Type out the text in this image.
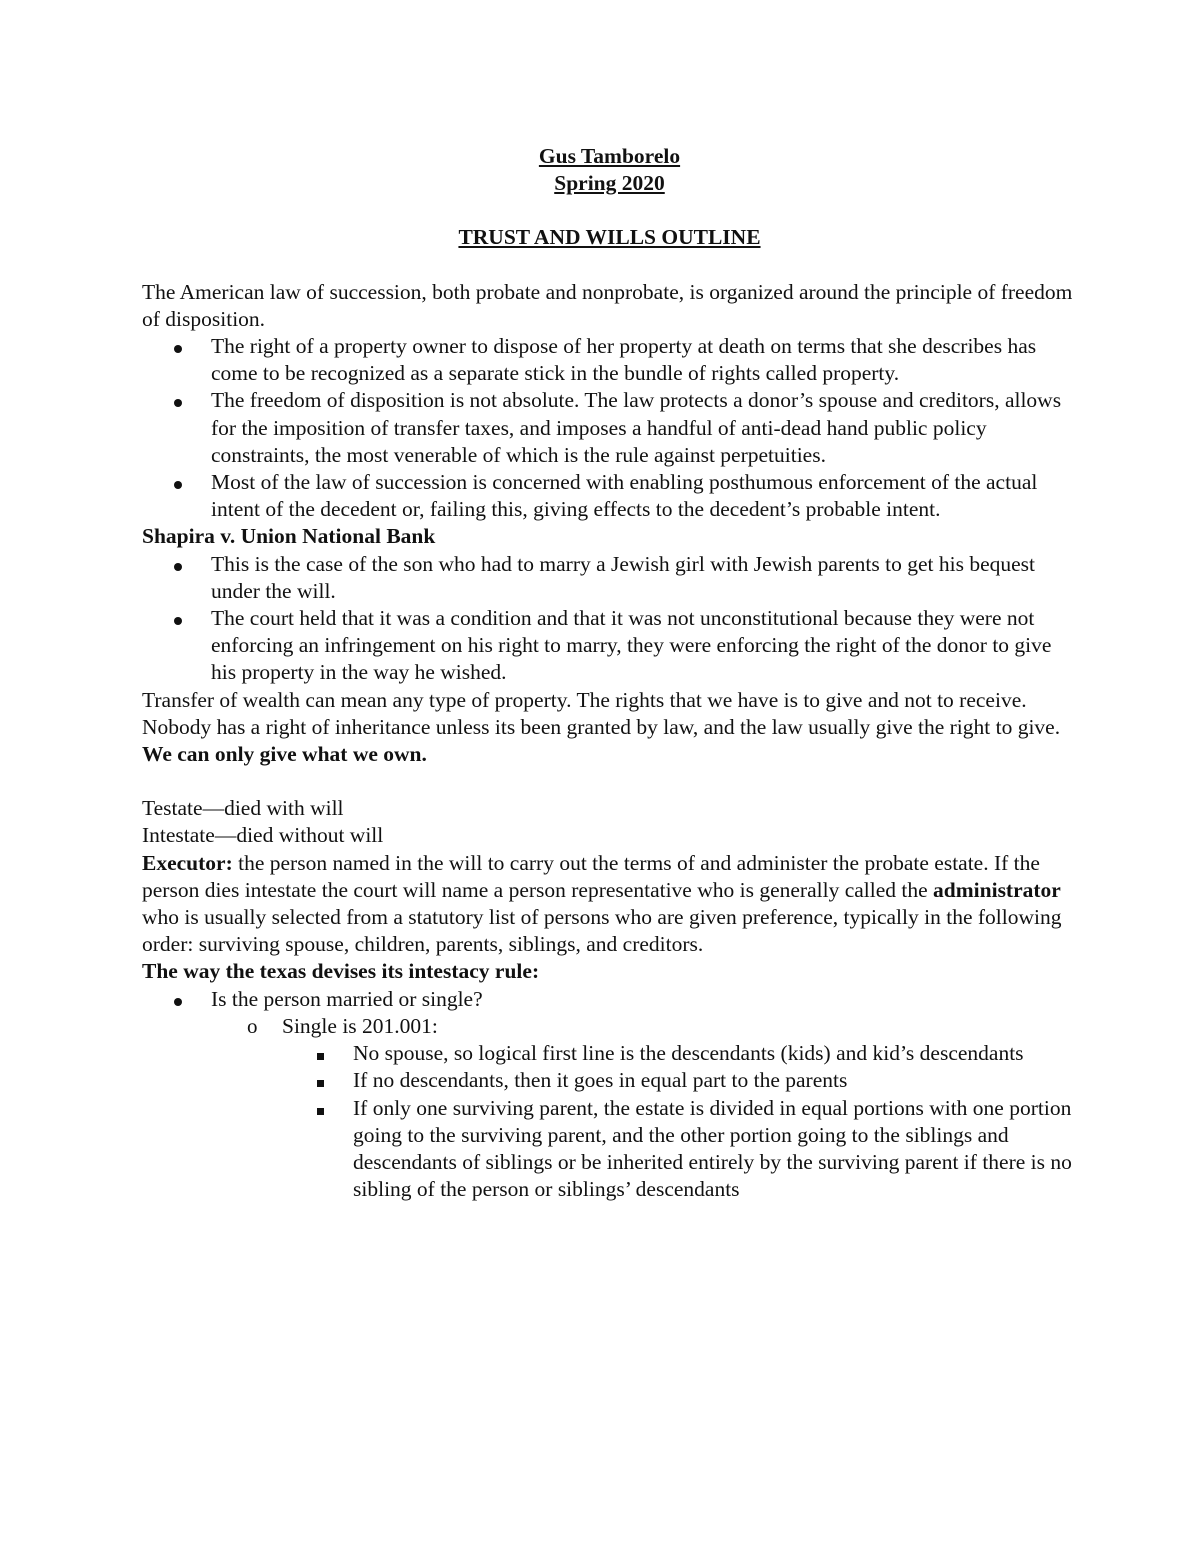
Gus Tamborelo

Spring 2020

TRUST AND WILLS OUTLINE

The American law of succession, both probate and nonprobate, is organized around the principle of freedom of disposition.

The right of a property owner to dispose of her property at death on terms that she describes has come to be recognized as a separate stick in the bundle of rights called property.
The freedom of disposition is not absolute. The law protects a donor’s spouse and creditors, allows for the imposition of transfer taxes, and imposes a handful of anti-dead hand public policy constraints, the most venerable of which is the rule against perpetuities.
Most of the law of succession is concerned with enabling posthumous enforcement of the actual intent of the decedent or, failing this, giving effects to the decedent’s probable intent.

Shapira v. Union National Bank

This is the case of the son who had to marry a Jewish girl with Jewish parents to get his bequest under the will.
The court held that it was a condition and that it was not unconstitutional because they were not enforcing an infringement on his right to marry, they were enforcing the right of the donor to give his property in the way he wished.

Transfer of wealth can mean any type of property. The rights that we have is to give and not to receive. Nobody has a right of inheritance unless its been granted by law, and the law usually give the right to give. We can only give what we own.

Testate—died with will

Intestate—died without will

Executor: the person named in the will to carry out the terms of and administer the probate estate. If the person dies intestate the court will name a person representative who is generally called the administrator who is usually selected from a statutory list of persons who are given preference, typically in the following order: surviving spouse, children, parents, siblings, and creditors.

The way the texas devises its intestacy rule:

Is the person married or single?
o Single is 201.001:
No spouse, so logical first line is the descendants (kids) and kid’s descendants
If no descendants, then it goes in equal part to the parents
If only one surviving parent, the estate is divided in equal portions with one portion going to the surviving parent, and the other portion going to the siblings and descendants of siblings or be inherited entirely by the surviving parent if there is no sibling of the person or siblings’ descendants
